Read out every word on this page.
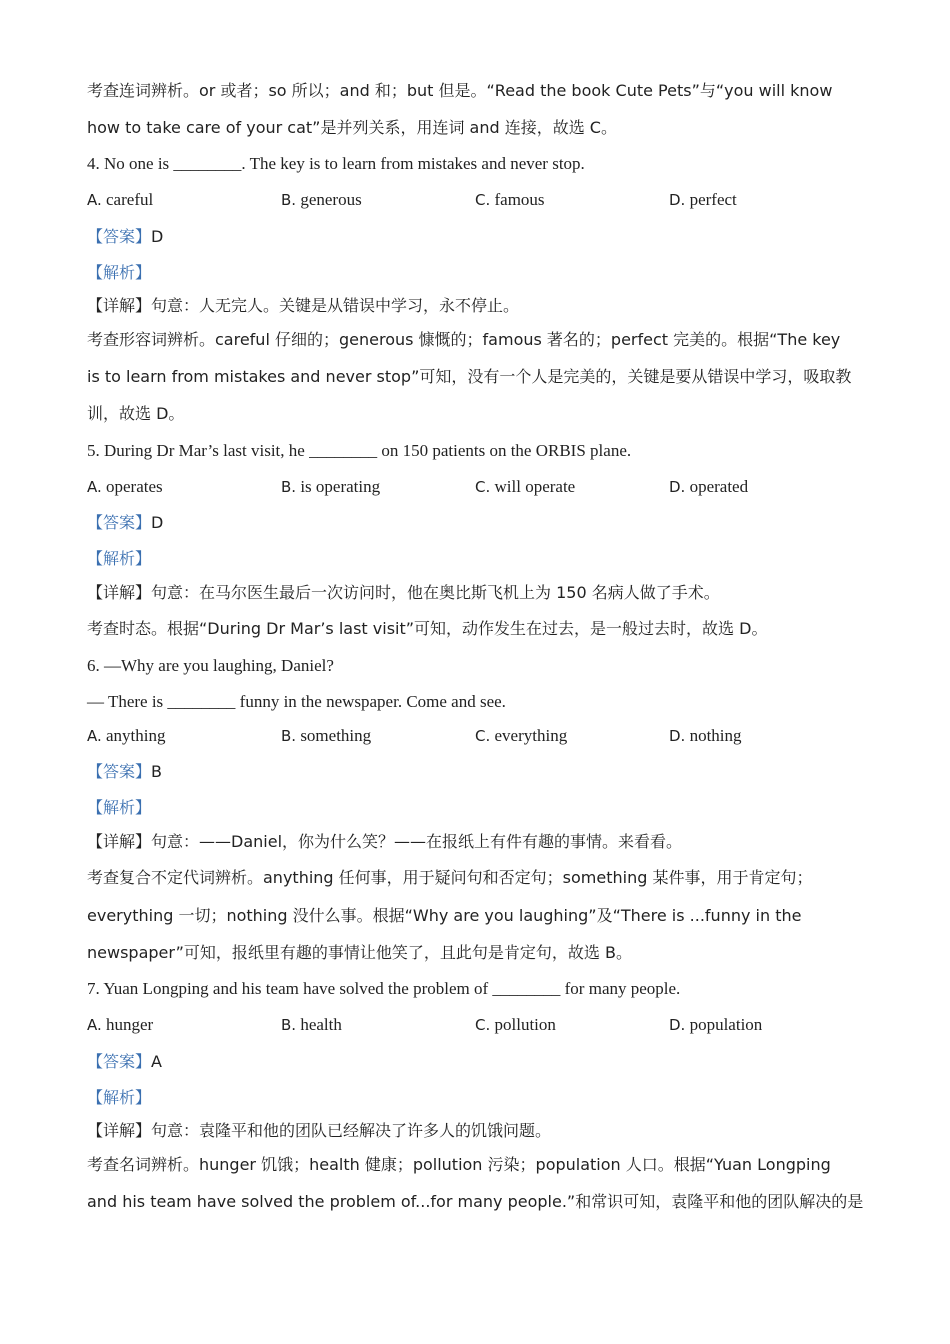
考查连词辨析。or 或者；so 所以；and 和；but 但是。“Read the book Cute Pets”与“you will know
how to take care of your cat”是并列关系，用连词 and 连接，故选 C。
4. No one is ________. The key is to learn from mistakes and never stop.
A. careful	B. generous	C. famous	D. perfect
【答案】D
【解析】
【详解】句意：人无完人。关键是从错误中学习，永不停止。
考查形容词辨析。careful 仔细的；generous 慷慨的；famous 著名的；perfect 完美的。根据“The key
is to learn from mistakes and never stop”可知，没有一个人是完美的，关键是要从错误中学习，吸取教
训，故选 D。
5. During Dr Mar’s last visit, he ________ on 150 patients on the ORBIS plane.
A. operates	B. is operating	C. will operate	D. operated
【答案】D
【解析】
【详解】句意：在马尔医生最后一次访问时，他在奥比斯飞机上为 150 名病人做了手术。
考查时态。根据“During Dr Mar’s last visit”可知，动作发生在过去，是一般过去时，故选 D。
6. —Why are you laughing, Daniel?
— There is ________ funny in the newspaper. Come and see.
A. anything	B. something	C. everything	D. nothing
【答案】B
【解析】
【详解】句意：——Daniel，你为什么笑？——在报纸上有件有趣的事情。来看看。
考查复合不定代词辨析。anything 任何事，用于疑问句和否定句；something 某件事，用于肯定句；
everything 一切；nothing 没什么事。根据“Why are you laughing”及“There is ...funny in the
newspaper”可知，报纸里有趣的事情让他笑了，且此句是肯定句，故选 B。
7. Yuan Longping and his team have solved the problem of ________ for many people.
A. hunger	B. health	C. pollution	D. population
【答案】A
【解析】
【详解】句意：袁隆平和他的团队已经解决了许多人的饥饿问题。
考查名词辨析。hunger 饥饿；health 健康；pollution 污染；population 人口。根据“Yuan Longping
and his team have solved the problem of...for many people.”和常识可知，袁隆平和他的团队解决的是
